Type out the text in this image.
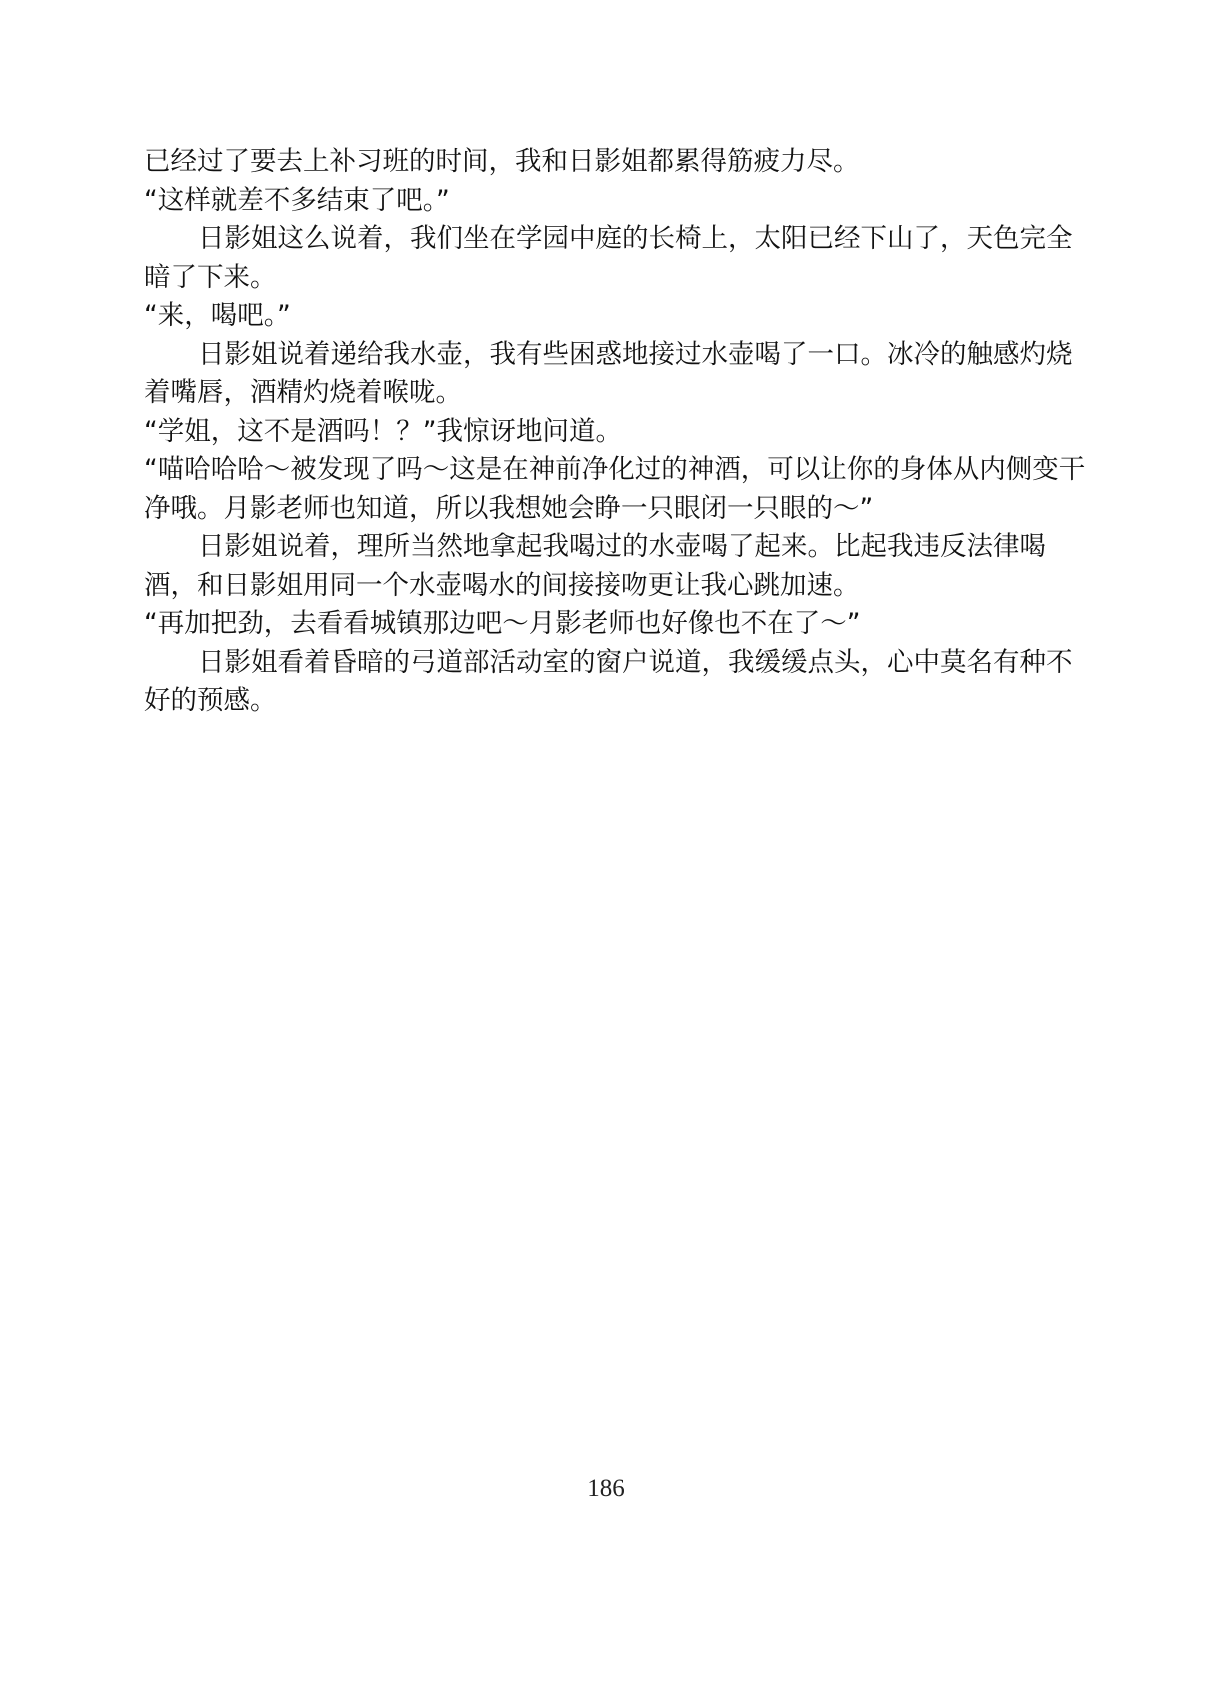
已经过了要去上补习班的时间，我和日影姐都累得筋疲力尽。

“这样就差不多结束了吧。”

日影姐这么说着，我们坐在学园中庭的长椅上，太阳已经下山了，天色完全暗了下来。

“来，喝吧。”

日影姐说着递给我水壶，我有些困惑地接过水壶喝了一口。冰冷的触感灼烧着嘴唇，酒精灼烧着喉咙。

“学姐，这不是酒吗！？”我惊讶地问道。

“喵哈哈哈～被发现了吗～这是在神前净化过的神酒，可以让你的身体从内侧变干净哦。月影老师也知道，所以我想她会睁一只眼闭一只眼的～”

日影姐说着，理所当然地拿起我喝过的水壶喝了起来。比起我违反法律喝酒，和日影姐用同一个水壶喝水的间接接吻更让我心跳加速。

“再加把劲，去看看城镇那边吧～月影老师也好像也不在了～”

日影姐看着昏暗的弓道部活动室的窗户说道，我缓缓点头，心中莫名有种不好的预感。

186
